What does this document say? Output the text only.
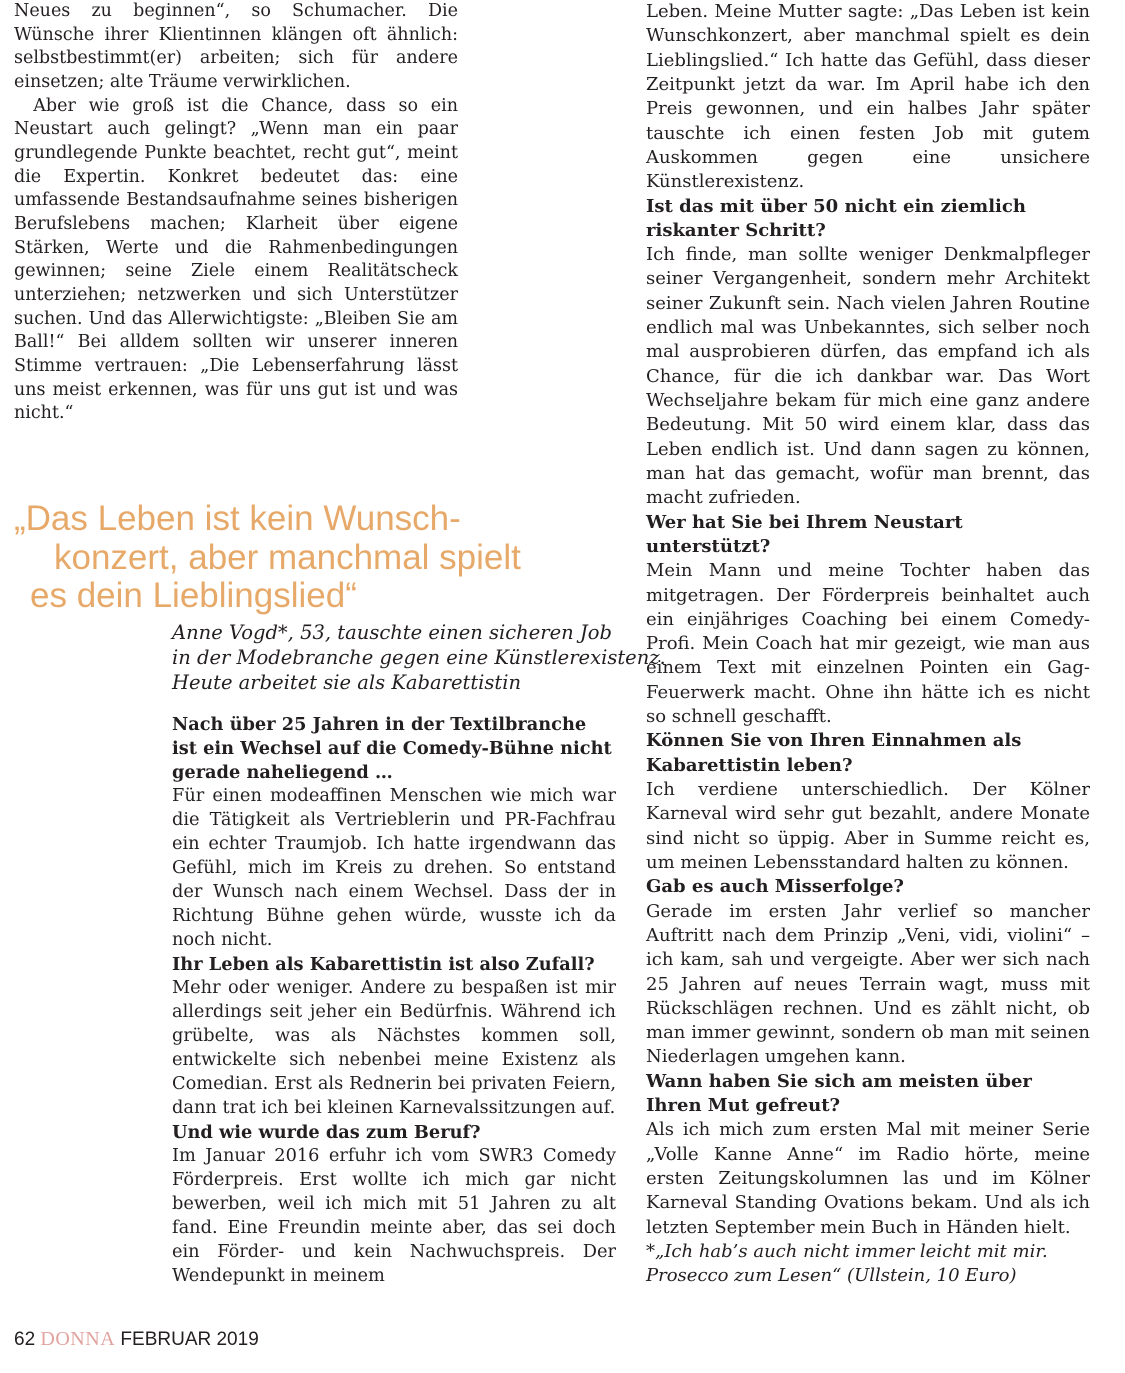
Neues zu beginnen“, so Schumacher. Die Wünsche ihrer Klientinnen klängen oft ähnlich: selbstbestimmt(er) arbeiten; sich für andere einsetzen; alte Träume verwirklichen.

Aber wie groß ist die Chance, dass so ein Neustart auch gelingt? „Wenn man ein paar grundlegende Punkte beachtet, recht gut“, meint die Expertin. Konkret bedeutet das: eine umfassende Bestandsaufnahme seines bisherigen Berufslebens machen; Klarheit über eigene Stärken, Werte und die Rahmenbedingungen gewinnen; seine Ziele einem Realitätscheck unterziehen; netzwerken und sich Unterstützer suchen. Und das Allerwichtigste: „Bleiben Sie am Ball!“ Bei alldem sollten wir unserer inneren Stimme vertrauen: „Die Lebenserfahrung lässt uns meist erkennen, was für uns gut ist und was nicht.“

„Das Leben ist kein Wunsch-
konzert, aber manchmal spielt
es dein Lieblingslied“
Anne Vogd*, 53, tauschte einen sicheren Job
in der Modebranche gegen eine Künstlerexistenz.
Heute arbeitet sie als Kabarettistin

Nach über 25 Jahren in der Textilbranche ist ein Wechsel auf die Comedy-Bühne nicht gerade naheliegend …

Für einen modeaffinen Menschen wie mich war die Tätigkeit als Vertrieblerin und PR-Fachfrau ein echter Traumjob. Ich hatte irgendwann das Gefühl, mich im Kreis zu drehen. So entstand der Wunsch nach einem Wechsel. Dass der in Richtung Bühne gehen würde, wusste ich da noch nicht.

Ihr Leben als Kabarettistin ist also Zufall?

Mehr oder weniger. Andere zu bespaßen ist mir allerdings seit jeher ein Bedürfnis. Während ich grübelte, was als Nächstes kommen soll, entwickelte sich nebenbei meine Existenz als Comedian. Erst als Rednerin bei privaten Feiern, dann trat ich bei kleinen Karnevalssitzungen auf.

Und wie wurde das zum Beruf?

Im Januar 2016 erfuhr ich vom SWR3 Comedy Förderpreis. Erst wollte ich mich gar nicht bewerben, weil ich mich mit 51 Jahren zu alt fand. Eine Freundin meinte aber, das sei doch ein Förder- und kein Nachwuchspreis. Der Wendepunkt in meinem

Leben. Meine Mutter sagte: „Das Leben ist kein Wunschkonzert, aber manchmal spielt es dein Lieblingslied.“ Ich hatte das Gefühl, dass dieser Zeitpunkt jetzt da war. Im April habe ich den Preis gewonnen, und ein halbes Jahr später tauschte ich einen festen Job mit gutem Auskommen gegen eine unsichere Künstlerexistenz.

Ist das mit über 50 nicht ein ziemlich riskanter Schritt?

Ich finde, man sollte weniger Denkmalpfleger seiner Vergangenheit, sondern mehr Architekt seiner Zukunft sein. Nach vielen Jahren Routine endlich mal was Unbekanntes, sich selber noch mal ausprobieren dürfen, das empfand ich als Chance, für die ich dankbar war. Das Wort Wechseljahre bekam für mich eine ganz andere Bedeutung. Mit 50 wird einem klar, dass das Leben endlich ist. Und dann sagen zu können, man hat das gemacht, wofür man brennt, das macht zufrieden.

Wer hat Sie bei Ihrem Neustart unterstützt?

Mein Mann und meine Tochter haben das mitgetragen. Der Förderpreis beinhaltet auch ein einjähriges Coaching bei einem Comedy-Profi. Mein Coach hat mir gezeigt, wie man aus einem Text mit einzelnen Pointen ein Gag-Feuerwerk macht. Ohne ihn hätte ich es nicht so schnell geschafft.

Können Sie von Ihren Einnahmen als Kabarettistin leben?

Ich verdiene unterschiedlich. Der Kölner Karneval wird sehr gut bezahlt, andere Monate sind nicht so üppig. Aber in Summe reicht es, um meinen Lebensstandard halten zu können.

Gab es auch Misserfolge?

Gerade im ersten Jahr verlief so mancher Auftritt nach dem Prinzip „Veni, vidi, violini“ – ich kam, sah und vergeigte. Aber wer sich nach 25 Jahren auf neues Terrain wagt, muss mit Rückschlägen rechnen. Und es zählt nicht, ob man immer gewinnt, sondern ob man mit seinen Niederlagen umgehen kann.

Wann haben Sie sich am meisten über Ihren Mut gefreut?

Als ich mich zum ersten Mal mit meiner Serie „Volle Kanne Anne“ im Radio hörte, meine ersten Zeitungskolumnen las und im Kölner Karneval Standing Ovations bekam. Und als ich letzten September mein Buch in Händen hielt.

*„Ich hab’s auch nicht immer leicht mit mir.

Prosecco zum Lesen“ (Ullstein, 10 Euro)

62 DONNA FEBRUAR 2019
